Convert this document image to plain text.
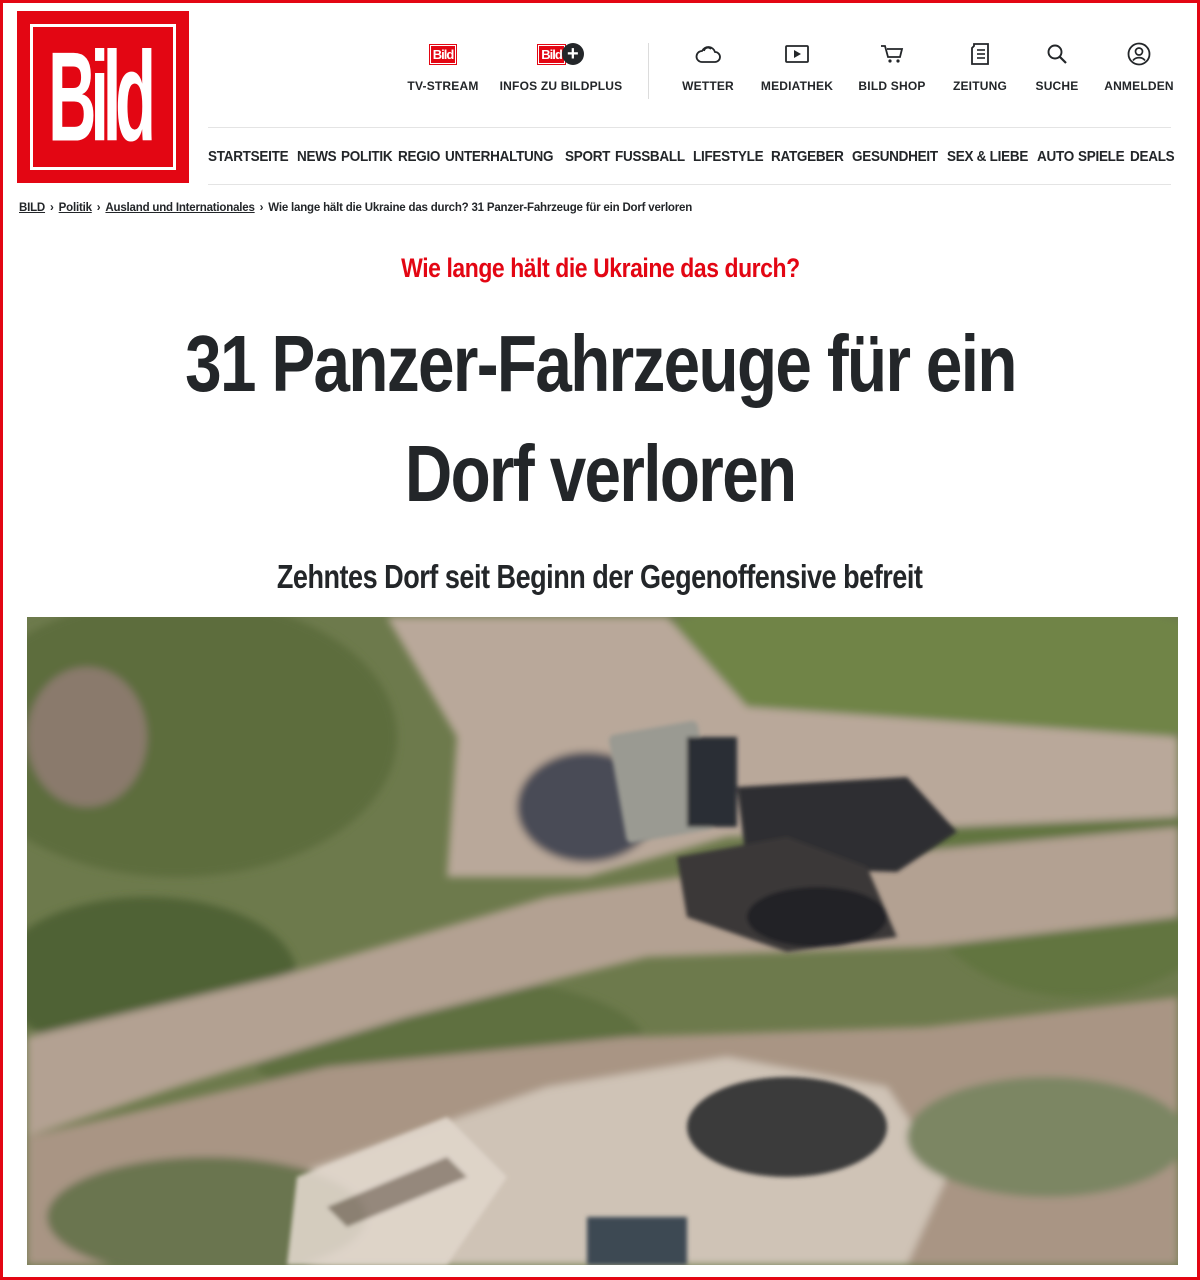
Bild	Bild
TV-STREAM
Bild +
INFOS ZU BILDPLUS	WETTER MEDIATHEK BILD SHOP ZEITUNG SUCHE ANMELDEN
STARTSEITE NEWS POLITIK REGIO UNTERHALTUNG SPORT FUSSBALL LIFESTYLE RATGEBER GESUNDHEIT SEX & LIEBE AUTO SPIELE DEALS
BILD › Politik › Ausland und Internationales › Wie lange hält die Ukraine das durch? 31 Panzer-Fahrzeuge für ein Dorf verloren
Wie lange hält die Ukraine das durch?
31 Panzer-Fahrzeuge für ein
Dorf verloren
Zehntes Dorf seit Beginn der Gegenoffensive befreit
